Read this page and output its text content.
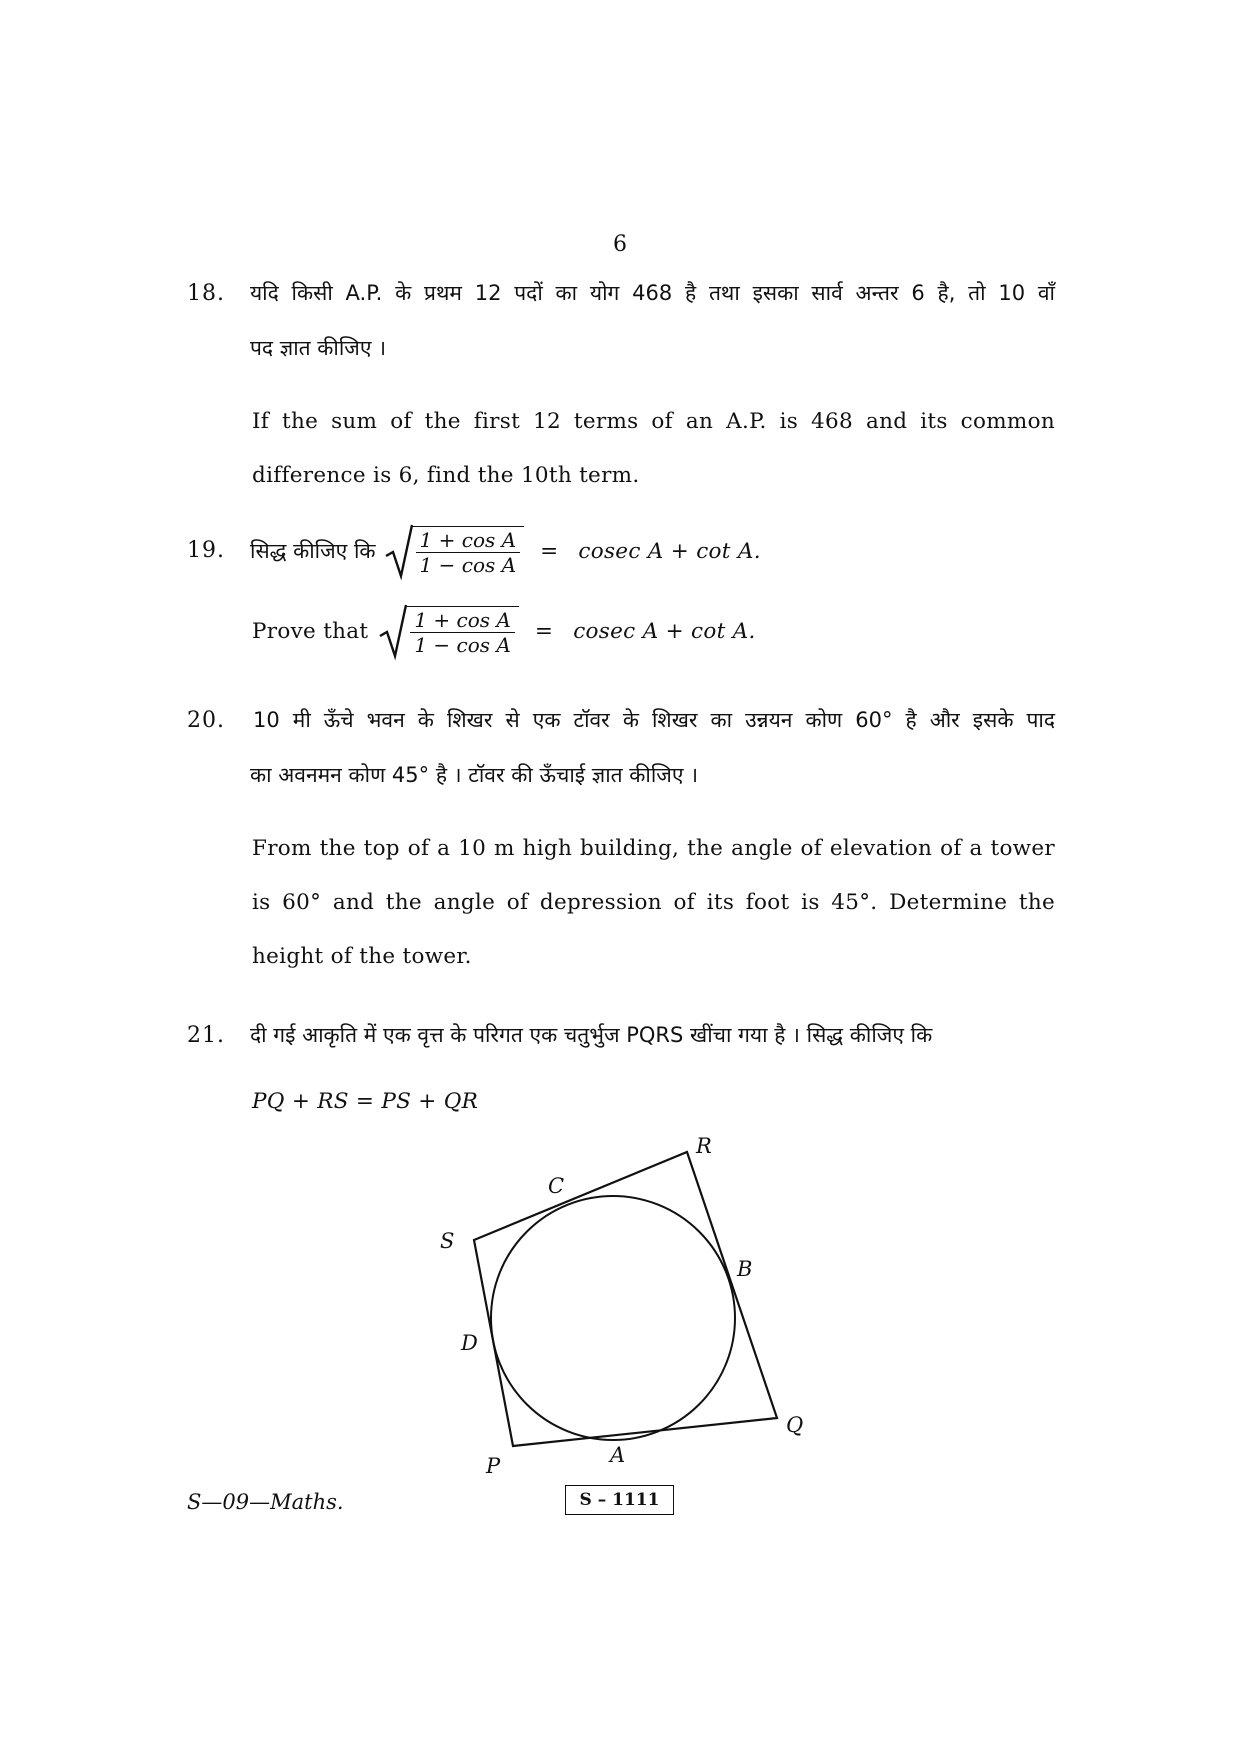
6
18. यदि किसी A.P. के प्रथम 12 पदों का योग 468 है तथा इसका सार्व अन्तर 6 है, तो 10 वाँ
पद ज्ञात कीजिए ।
If the sum of the first 12 terms of an A.P. is 468 and its common
difference is 6, find the 10th term.
19. सिद्ध कीजिए कि $\frac{\text{1 + cos A}}{\text{1 − cos A}} = cosec$ A + cot A.
Prove that $\frac{\text{1 + cos A}}{\text{1 − cos A}} = cosec$ A + cot A.
20. 10 मी ऊँचे भवन के शिखर से एक टॉवर के शिखर का उन्नयन कोण 60° है और इसके पाद
का अवनमन कोण 45° है । टॉवर की ऊँचाई ज्ञात कीजिए ।
From the top of a 10 m high building, the angle of elevation of a tower
is 60° and the angle of depression of its foot is 45°. Determine the
height of the tower.
21. दी गई आकृति में एक वृत्त के परिगत एक चतुर्भुज PQRS खींचा गया है । सिद्ध कीजिए कि
PQ + RS = PS + QR
P
Q
R
S
A
B
C
D
S—09—Maths.	S – 1111
